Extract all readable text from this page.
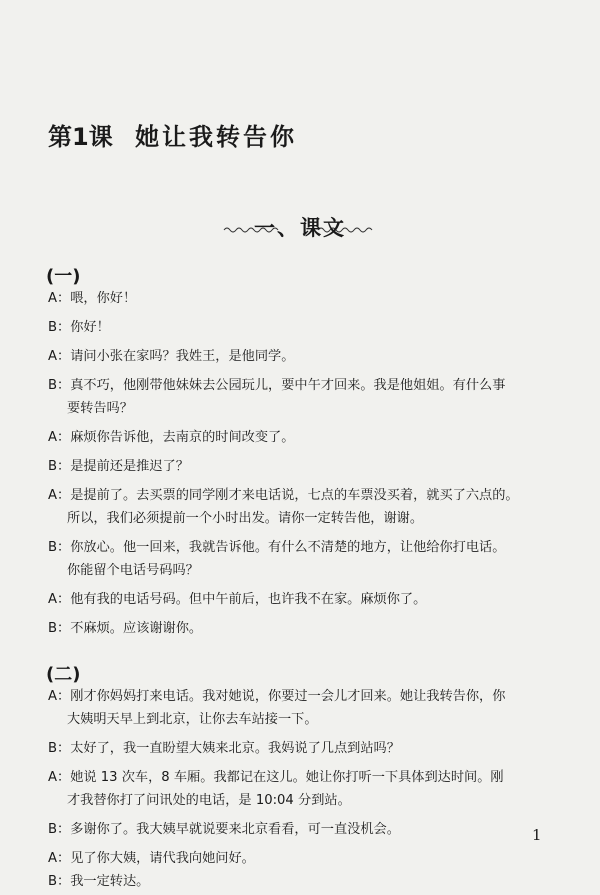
第1课 她让我转告你
一、课文
(一)
A：喂，你好！
B：你好！
A：请问小张在家吗？我姓王，是他同学。
B：真不巧，他刚带他妹妹去公园玩儿，要中午才回来。我是他姐姐。有什么事
要转告吗？
A：麻烦你告诉他，去南京的时间改变了。
B：是提前还是推迟了？
A：是提前了。去买票的同学刚才来电话说，七点的车票没买着，就买了六点的。
所以，我们必须提前一个小时出发。请你一定转告他，谢谢。
B：你放心。他一回来，我就告诉他。有什么不清楚的地方，让他给你打电话。
你能留个电话号码吗？
A：他有我的电话号码。但中午前后，也许我不在家。麻烦你了。
B：不麻烦。应该谢谢你。
(二)
A：刚才你妈妈打来电话。我对她说，你要过一会儿才回来。她让我转告你，你
大姨明天早上到北京，让你去车站接一下。
B：太好了，我一直盼望大姨来北京。我妈说了几点到站吗？
A：她说 13 次车，8 车厢。我都记在这儿。她让你打听一下具体到达时间。刚
才我替你打了问讯处的电话，是 10:04 分到站。
B：多谢你了。我大姨早就说要来北京看看，可一直没机会。
A：见了你大姨，请代我向她问好。
B：我一定转达。
1
